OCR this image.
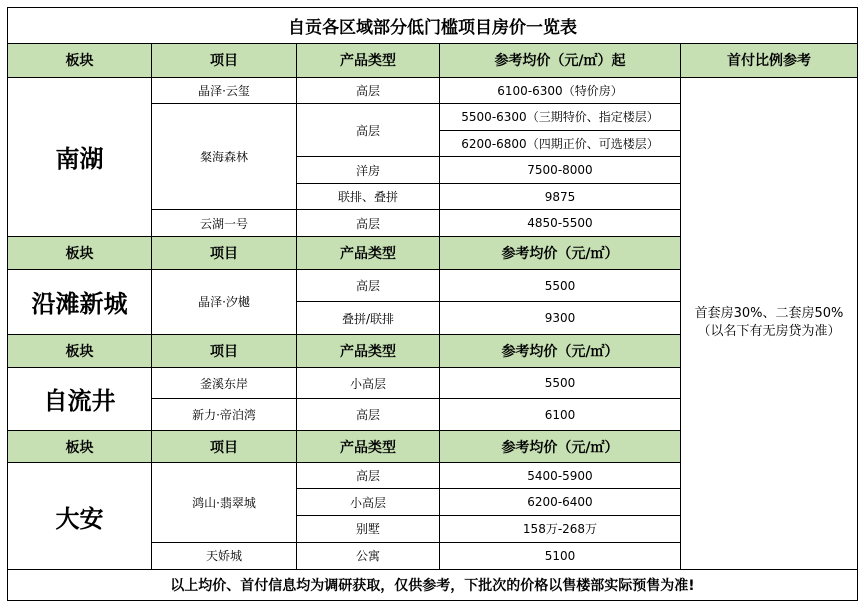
自贡各区域部分低门槛项目房价一览表				
板块	项目	产品类型	参考均价（元/㎡）起	首付比例参考
南湖	晶泽·云玺	高层	6100-6300（特价房）	首套房30%、二套房50%
（以名下有无房贷为准）

	粲海森林	高层	5500-6300（三期特价、指定楼层）	
			6200-6800（四期正价、可选楼层）	
		洋房	7500-8000	
		联排、叠拼	9875	
	云湖一号	高层	4850-5500	
板块	项目	产品类型	参考均价（元/㎡）	
沿滩新城	晶泽·汐樾	高层	5500	
		叠拼/联排	9300	
板块	项目	产品类型	参考均价（元/㎡）	
自流井	釜溪东岸	小高层	5500	
	新力·帝泊湾	高层	6100	
板块	项目	产品类型	参考均价（元/㎡）	
大安	鸿山·翡翠城	高层	5400-5900	
		小高层	6200-6400	
		别墅	158万-268万	
	天娇城	公寓	5100	
以上均价、首付信息均为调研获取，仅供参考，下批次的价格以售楼部实际预售为准!				
